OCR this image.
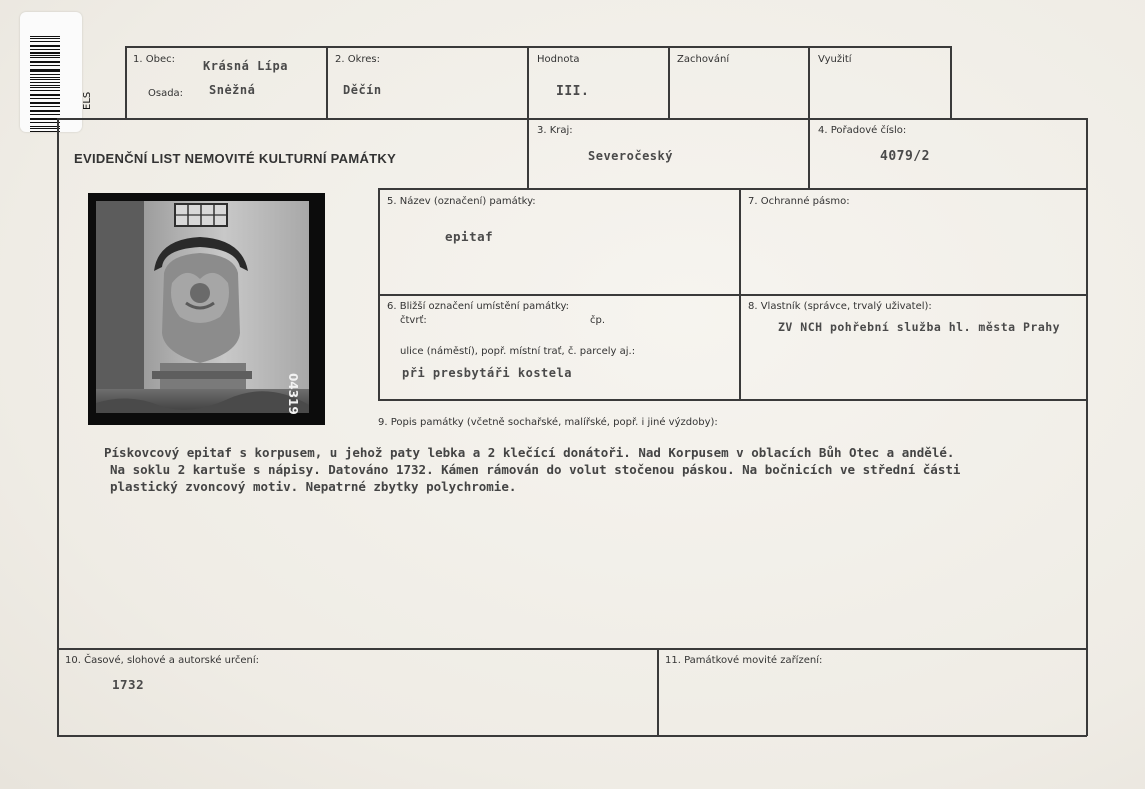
ELS
1. Obec: Krásná Lípa
Osada: Snėžná
2. Okres:
Děčín
Hodnota
III.
Zachování	Využití
EVIDENČNÍ LIST NEMOVITÉ KULTURNÍ PAMÁTKY
3. Kraj:
Severočeský
4. Pořadové číslo:
4079/2
04319
5. Název (označení) památky:
epitaf
7. Ochranné pásmo:
6. Bližší označení umístění památky:
čtvrť:	čp.
ulice (náměstí), popř. místní trať, č. parcely aj.:
při presbytáři kostela
8. Vlastník (správce, trvalý uživatel):
ZV NCH pohřební služba hl. města Prahy
9. Popis památky (včetně sochařské, malířské, popř. i jiné výzdoby):
Pískovcový epitaf s korpusem, u jehož paty lebka a 2 klečící donátoři. Nad Korpusem v oblacích Bůh Otec a andělé.
Na soklu 2 kartuše s nápisy. Datováno 1732. Kámen rámován do volut stočenou páskou. Na bočnicích ve střední části
plastický zvoncový motiv. Nepatrné zbytky polychromie.
10. Časové, slohové a autorské určení:
1732
11. Památkové movité zařízení:
